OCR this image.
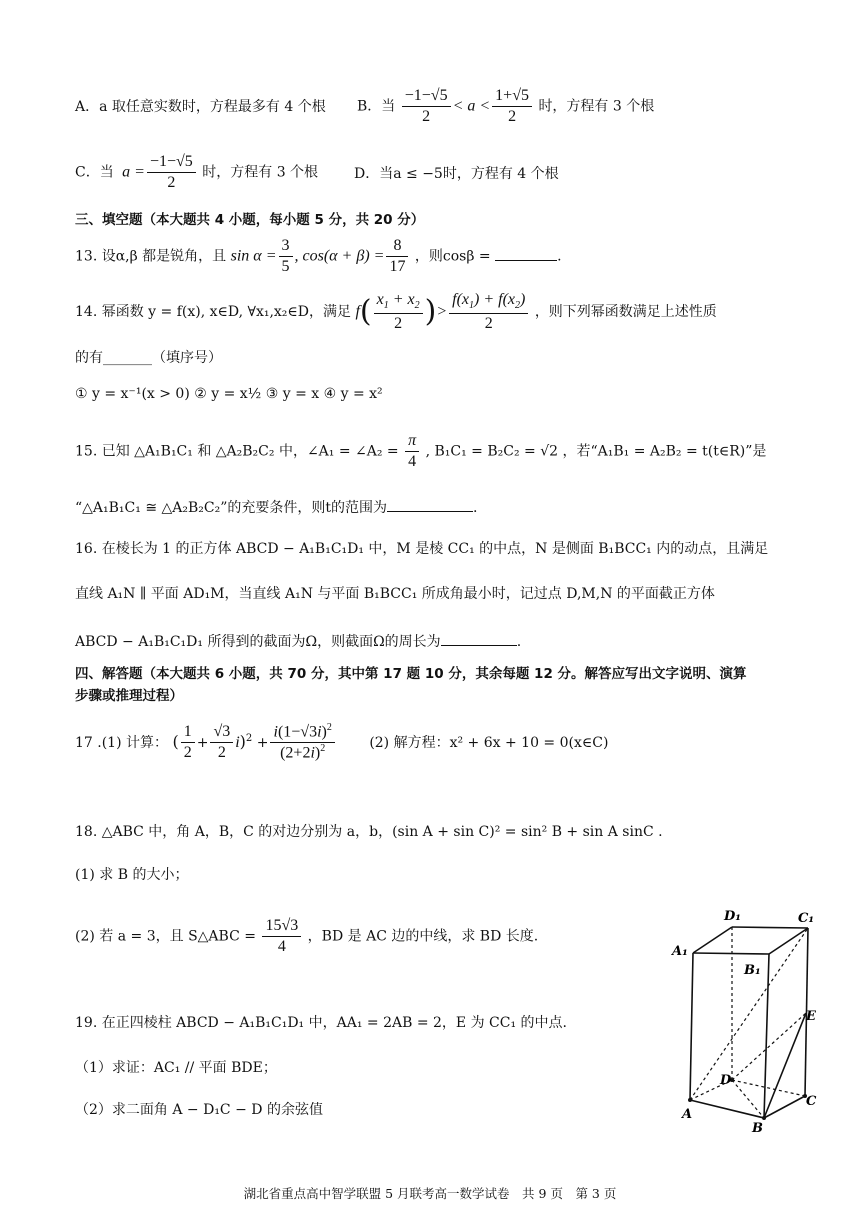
A．a 取任意实数时，方程最多有 4 个根 B．当 $\frac{-1-√5}{2} < a < \frac{1+√5}{2}$ 时，方程有 3 个根
C．当  $a = \frac{-1-√5}{2}$ 时，方程有 3 个根	D．当a ≤ −5时，方程有 4 个根
三、填空题（本大题共 4 小题，每小题 5 分，共 20 分）
13. 设α,β 都是锐角，且 $\sin \alpha = \frac{3}{5}$ , $\cos(\alpha + \beta) = \frac{8}{17}$ ，则cosβ =	.
14. 幂函数 y = f(x), x∈D, ∀x₁,x₂∈D，满足 $f( \frac{x_1 + x_2}{2}$ )> $\frac{f(x_1) + f(x_2)}{2}$ ，则下列幂函数满足上述性质
的有_______（填序号）
① y = x⁻¹(x > 0) ② y = x½ ③ y = x ④ y = x²
15. 已知 △A₁B₁C₁ 和 △A₂B₂C₂ 中，∠A₁ = ∠A₂ = $\frac{\pi}{4}$ , B₁C₁ = B₂C₂ = √2 ，若“A₁B₁ = A₂B₂ = t(t∈R)”是
“△A₁B₁C₁ ≅ △A₂B₂C₂”的充要条件，则t的范围为	.
16. 在棱长为 1 的正方体 ABCD − A₁B₁C₁D₁ 中，M 是棱 CC₁ 的中点，N 是侧面 B₁BCC₁ 内的动点，且满足
直线 A₁N ∥ 平面 AD₁M，当直线 A₁N 与平面 B₁BCC₁ 所成角最小时，记过点 D,M,N 的平面截正方体
ABCD − A₁B₁C₁D₁ 所得到的截面为Ω，则截面Ω的周长为	.
四、解答题（本大题共 6 小题，共 70 分，其中第 17 题 10 分，其余每题 12 分。解答应写出文字说明、演算
步骤或推理过程）
17 .(1) 计算： ( $\frac{1}{2} + \frac{√3}{2} i)^2 + \frac{i(1-√3i)^2}{(2+2i)^2} (2)$ 解方程：x² + 6x + 10 = 0(x∈C)
18. △ABC 中，角 A，B，C 的对边分别为 a，b，(sin A + sin C)² = sin² B + sin A sinC .
(1) 求 B 的大小；
(2) 若 a = 3，且 S△ABC = $\frac{15√3}{4}$ ，BD 是 AC 边的中线，求 BD 长度.
19. 在正四棱柱 ABCD − A₁B₁C₁D₁ 中，AA₁ = 2AB = 2，E 为 CC₁ 的中点.
（1）求证：AC₁ // 平面 BDE；
（2）求二面角 A − D₁C − D 的余弦值
D₁	C₁
A₁
B₁
E
D
A
B
C
湖北省重点高中智学联盟 5 月联考高一数学试卷　共 9 页　第 3 页
